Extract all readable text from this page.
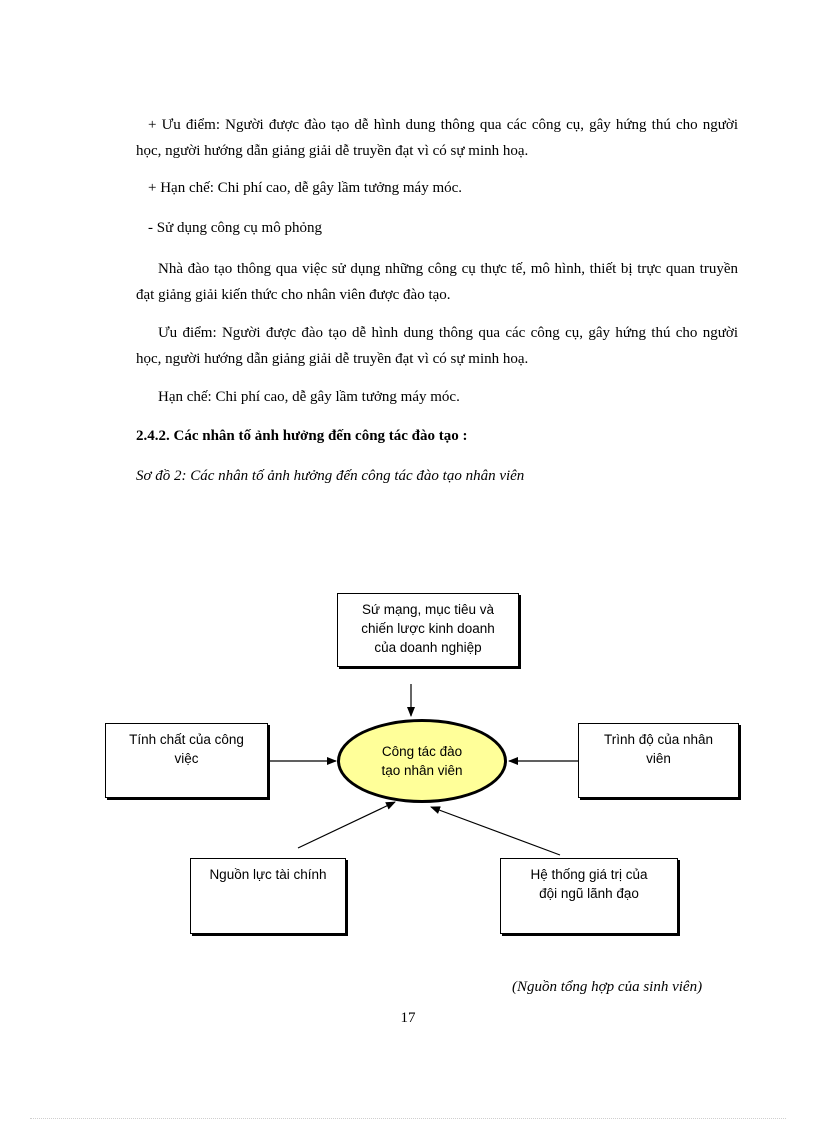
+ Ưu điểm: Người được đào tạo dễ hình dung thông qua các công cụ, gây hứng thú cho người học, người hướng dẫn giảng giải dễ truyền đạt vì có sự minh hoạ.

+ Hạn chế: Chi phí cao, dễ gây lầm tưởng máy móc.
- Sử dụng công cụ mô phỏng

Nhà đào tạo thông qua việc sử dụng những công cụ thực tế, mô hình, thiết bị trực quan truyền đạt giảng giải kiến thức cho nhân viên được đào tạo.

Ưu điểm: Người được đào tạo dễ hình dung thông qua các công cụ, gây hứng thú cho người học, người hướng dẫn giảng giải dễ truyền đạt vì có sự minh hoạ.

Hạn chế: Chi phí cao, dễ gây lầm tưởng máy móc.
2.4.2. Các nhân tố ảnh hưởng đến công tác đào tạo :
Sơ đồ 2: Các nhân tố ảnh hưởng đến công tác đào tạo nhân viên
Sứ mạng, mục tiêu và
chiến lược kinh doanh
của doanh nghiệp
Tính chất của công
việc
Trình độ của nhân
viên
Công tác đào
tạo nhân viên
Nguồn lực tài chính	Hệ thống giá trị của
đội ngũ lãnh đạo
(Nguồn tổng hợp của sinh viên)
17
